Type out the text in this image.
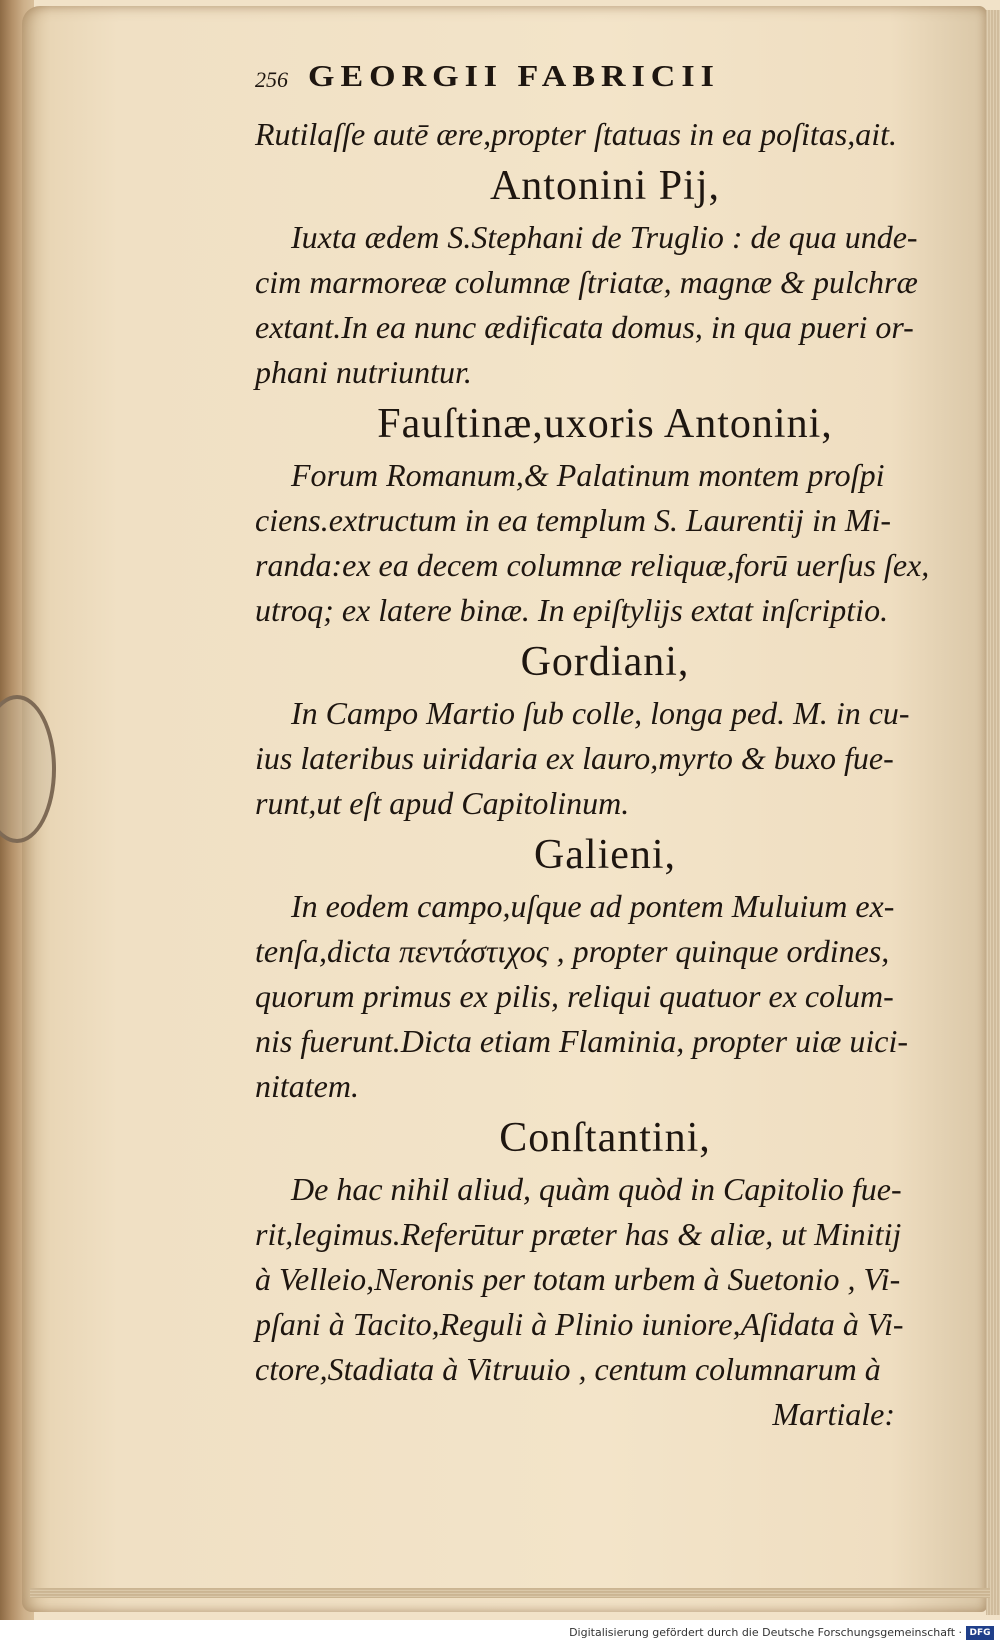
256 GEORGII FABRICII
Rutilaſſe autē ære,propter ſtatuas in ea poſitas,ait.
Antonini Pij,
Iuxta ædem S.Stephani de Truglio : de qua unde-
cim marmoreæ columnæ ſtriatæ, magnæ & pulchræ
extant.In ea nunc ædificata domus, in qua pueri or-
phani nutriuntur.
Fauſtinæ,uxoris Antonini,
Forum Romanum,& Palatinum montem proſpi
ciens.extructum in ea templum S. Laurentij in Mi-
randa:ex ea decem columnæ reliquæ,forū uerſus ſex,
utroq; ex latere binæ. In epiſtylijs extat inſcriptio.
Gordiani,
In Campo Martio ſub colle, longa ped. M. in cu-
ius lateribus uiridaria ex lauro,myrto & buxo fue-
runt,ut eſt apud Capitolinum.
Galieni,
In eodem campo,uſque ad pontem Muluium ex-
tenſa,dicta πεντάστιχος , propter quinque ordines,
quorum primus ex pilis, reliqui quatuor ex colum-
nis fuerunt.Dicta etiam Flaminia, propter uiæ uici-
nitatem.
Conſtantini,
De hac nihil aliud, quàm quòd in Capitolio fue-
rit,legimus.Referūtur præter has & aliæ, ut Minitij
à Velleio,Neronis per totam urbem à Suetonio , Vi-
pſani à Tacito,Reguli à Plinio iuniore,Aſidata à Vi-
ctore,Stadiata à Vitruuio , centum columnarum à
Martiale:
Digitalisierung gefördert durch die Deutsche Forschungsgemeinschaft · DFG
